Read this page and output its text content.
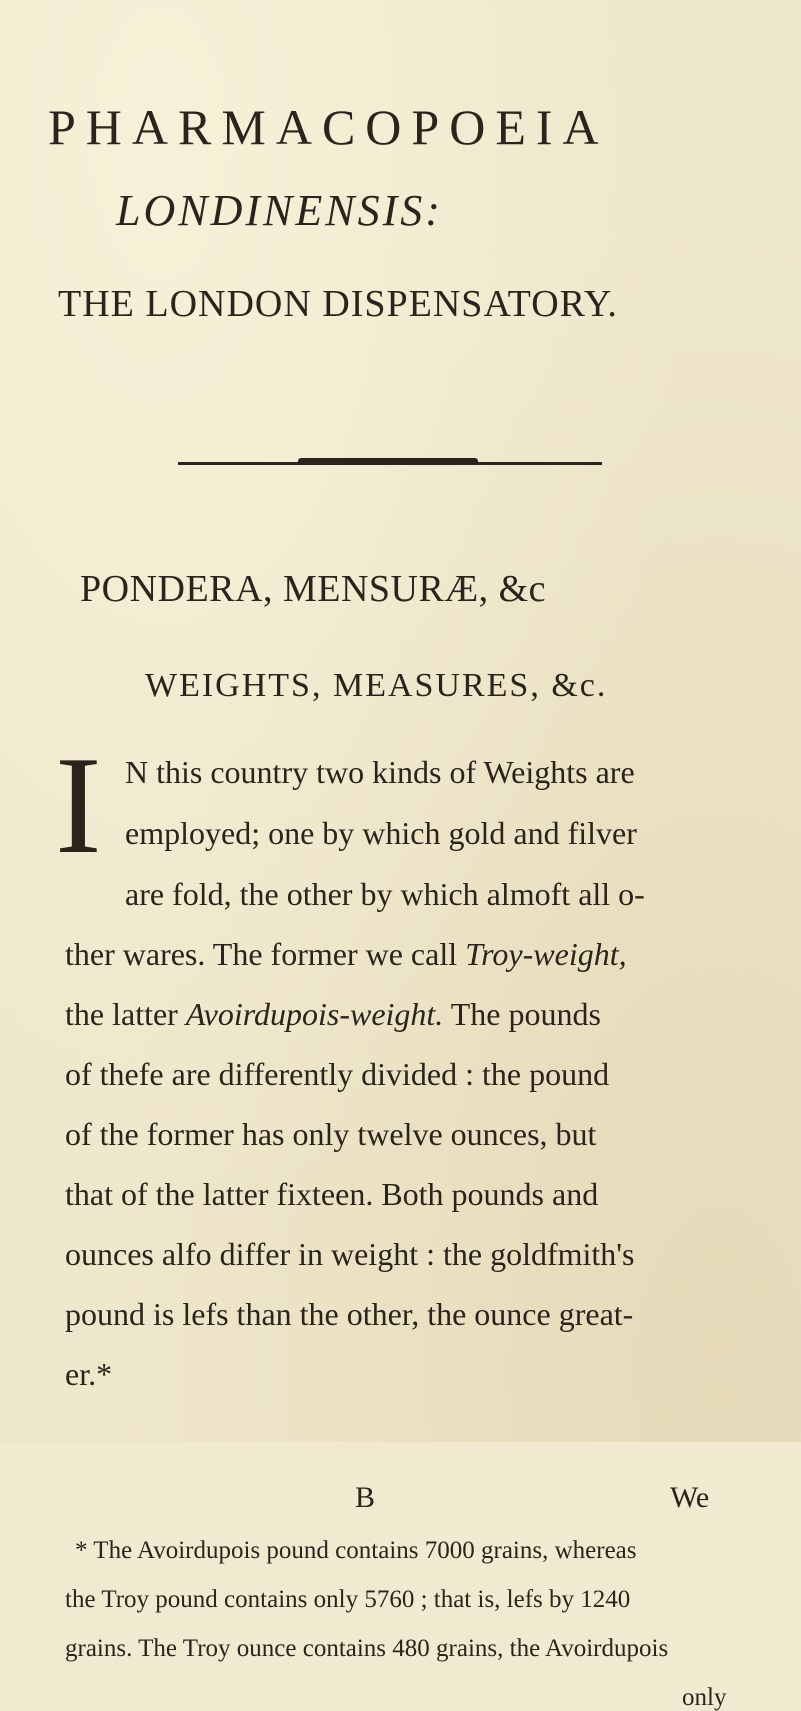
PHARMACOPOEIA
LONDINENSIS:
THE LONDON DISPENSATORY.
PONDERA, MENSURÆ, &c
WEIGHTS, MEASURES, &c.
I N this country two kinds of Weights are
employed; one by which gold and filver
are fold, the other by which almoft all o-
ther wares. The former we call Troy-weight,
the latter Avoirdupois-weight. The pounds
of thefe are differently divided : the pound
of the former has only twelve ounces, but
that of the latter fixteen. Both pounds and
ounces alfo differ in weight : the goldfmith's
pound is lefs than the other, the ounce great-
er.*
B	We
* The Avoirdupois pound contains 7000 grains, whereas
the Troy pound contains only 5760 ; that is, lefs by 1240
grains. The Troy ounce contains 480 grains, the Avoirdupois
only
